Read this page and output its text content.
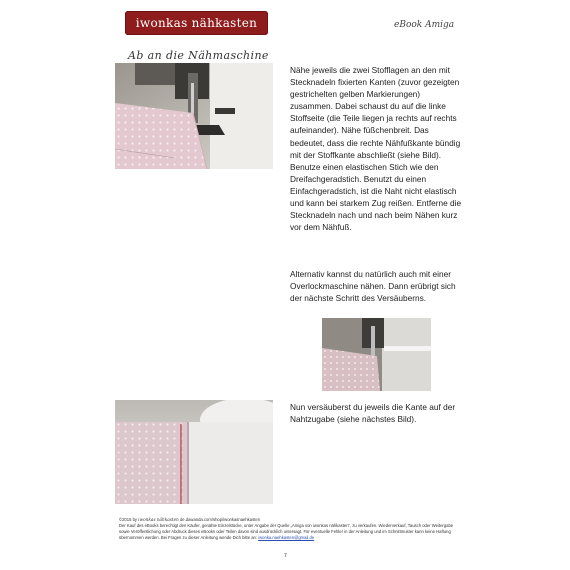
iwonkas nähkasten	eBook Amiga
Ab an die Nähmaschine
Nähe jeweils die zwei Stofflagen an den mit Stecknadeln fixierten Kanten (zuvor gezeigten gestrichelten gelben Markierungen) zusammen. Dabei schaust du auf die linke Stoffseite (die Teile liegen ja rechts auf rechts aufeinander). Nähe füßchenbreit. Das bedeutet, dass die rechte Nähfußkante bündig mit der Stoffkante abschließt (siehe Bild). Benutze einen elastischen Stich wie den Dreifachgeradstich. Benutzt du einen Einfachgeradstich, ist die Naht nicht elastisch und kann bei starkem Zug reißen. Entferne die Stecknadeln nach und nach beim Nähen kurz vor dem Nähfuß.
Alternativ kannst du natürlich auch mit einer Overlockmaschine nähen. Dann erübrigt sich der nächste Schritt des Versäuberns.
Nun versäuberst du jeweils die Kante auf der Nahtzugabe (siehe nächstes Bild).
©2015 by iwonkas nähkasten de.dawanda.com/shop/iwonkasnaehkasten
Der Kauf des eBooks berechtigt den Käufer, genähte Einzelstücke, unter Angabe der Quelle „Amiga von iwonkas nähkasten“, zu verkaufen. Wiederverkauf, Tausch oder Weitergabe sowie Veröffentlichung oder Abdruck dieses eBooks oder Teilen davon sind ausdrücklich untersagt. Für eventuelle Fehler in der Anleitung und im Schnittmuster kann keine Haftung übernommen werden. Bei Fragen zu dieser Anleitung wende Dich bitte an: iwonka.naehkasten@gmail.de
7
